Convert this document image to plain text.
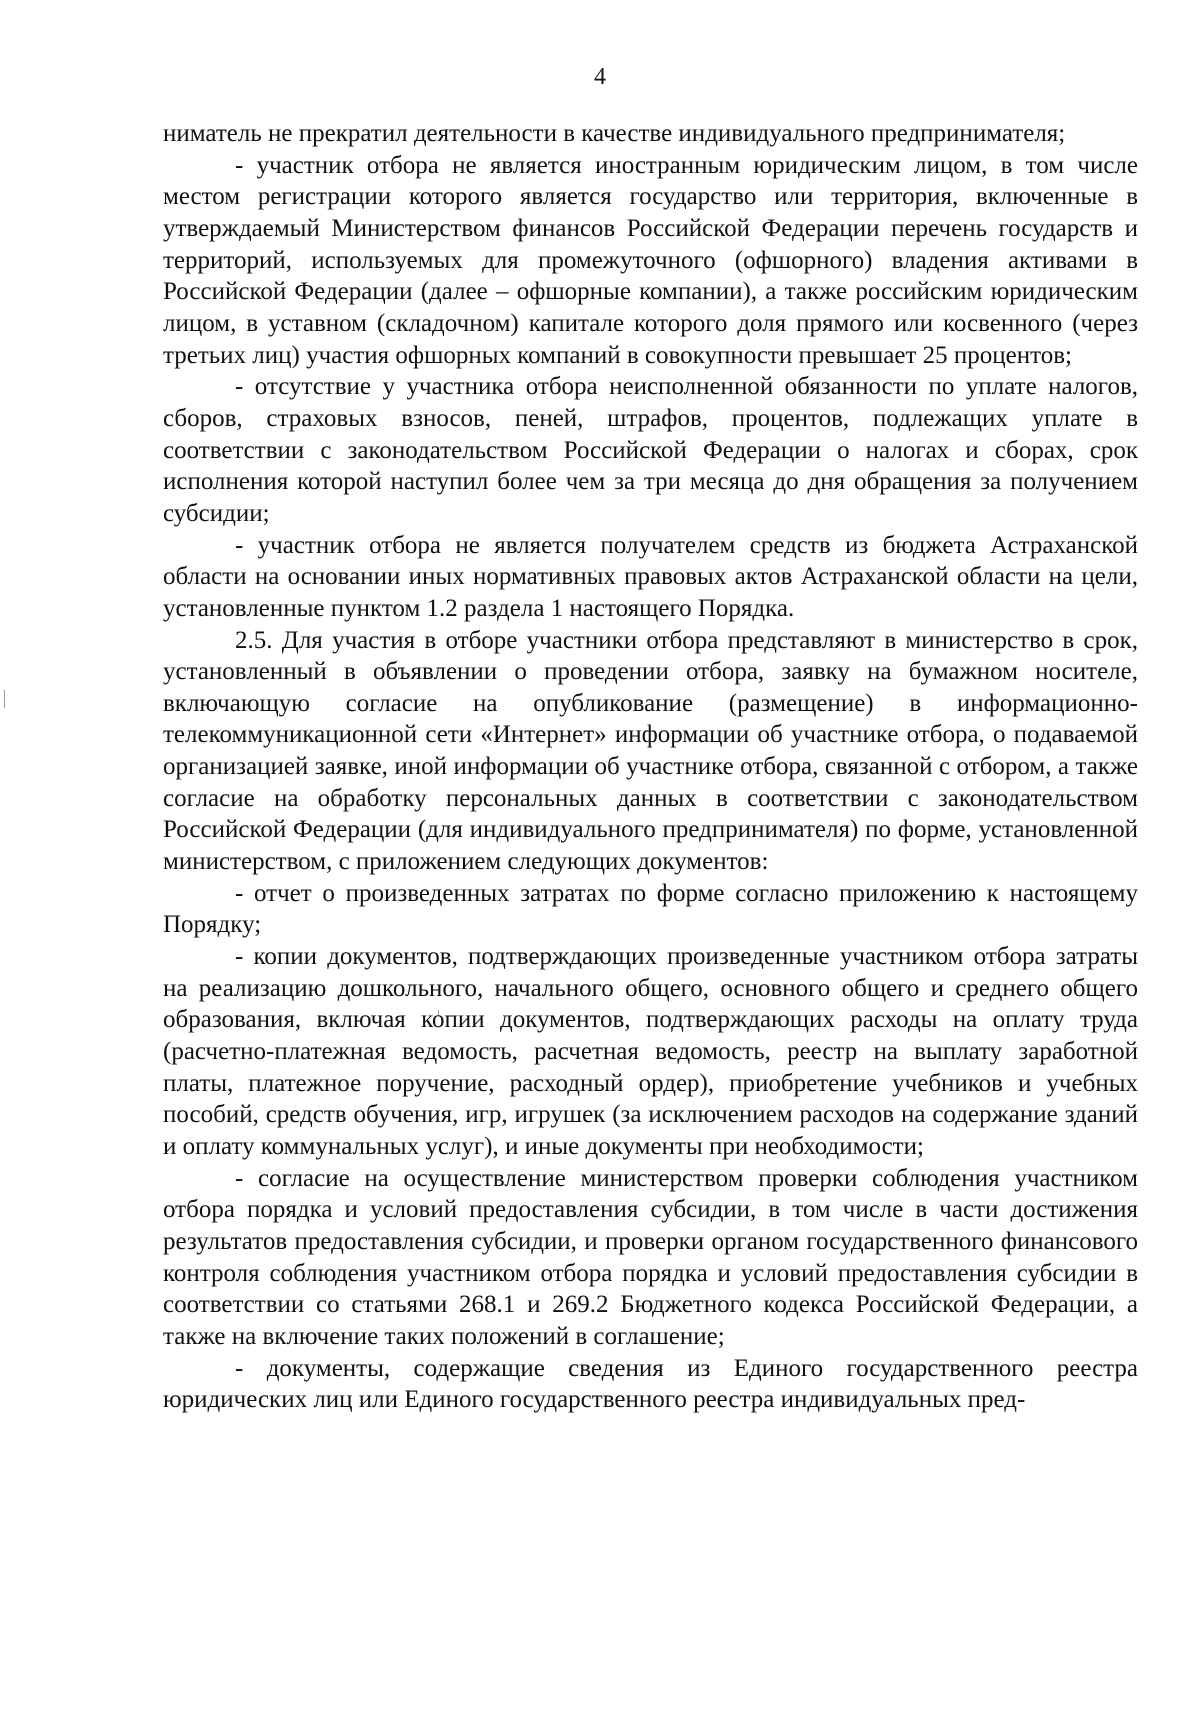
4

ниматель не прекратил деятельности в качестве индивидуального предпринимателя;

- участник отбора не является иностранным юридическим лицом, в том числе местом регистрации которого является государство или территория, включенные в утверждаемый Министерством финансов Российской Федерации перечень государств и территорий, используемых для промежуточного (офшорного) владения активами в Российской Федерации (далее – офшорные компании), а также российским юридическим лицом, в уставном (складочном) капитале которого доля прямого или косвенного (через третьих лиц) участия офшорных компаний в совокупности превышает 25 процентов;

- отсутствие у участника отбора неисполненной обязанности по уплате налогов, сборов, страховых взносов, пеней, штрафов, процентов, подлежащих уплате в соответствии с законодательством Российской Федерации о налогах и сборах, срок исполнения которой наступил более чем за три месяца до дня обращения за получением субсидии;

- участник отбора не является получателем средств из бюджета Астраханской области на основании иных нормативных правовых актов Астраханской области на цели, установленные пунктом 1.2 раздела 1 настоящего Порядка.

2.5. Для участия в отборе участники отбора представляют в министерство в срок, установленный в объявлении о проведении отбора, заявку на бумажном носителе, включающую согласие на опубликование (размещение) в информационно-телекоммуникационной сети «Интернет» информации об участнике отбора, о подаваемой организацией заявке, иной информации об участнике отбора, связанной с отбором, а также согласие на обработку персональных данных в соответствии с законодательством Российской Федерации (для индивидуального предпринимателя) по форме, установленной министерством, с приложением следующих документов:

- отчет о произведенных затратах по форме согласно приложению к настоящему Порядку;

- копии документов, подтверждающих произведенные участником отбора затраты на реализацию дошкольного, начального общего, основного общего и среднего общего образования, включая копии документов, подтверждающих расходы на оплату труда (расчетно-платежная ведомость, расчетная ведомость, реестр на выплату заработной платы, платежное поручение, расходный ордер), приобретение учебников и учебных пособий, средств обучения, игр, игрушек (за исключением расходов на содержание зданий и оплату коммунальных услуг), и иные документы при необходимости;

- согласие на осуществление министерством проверки соблюдения участником отбора порядка и условий предоставления субсидии, в том числе в части достижения результатов предоставления субсидии, и проверки органом государственного финансового контроля соблюдения участником отбора порядка и условий предоставления субсидии в соответствии со статьями 268.1 и 269.2 Бюджетного кодекса Российской Федерации, а также на включение таких положений в соглашение;

- документы, содержащие сведения из Единого государственного реестра юридических лиц или Единого государственного реестра индивидуальных пред-
